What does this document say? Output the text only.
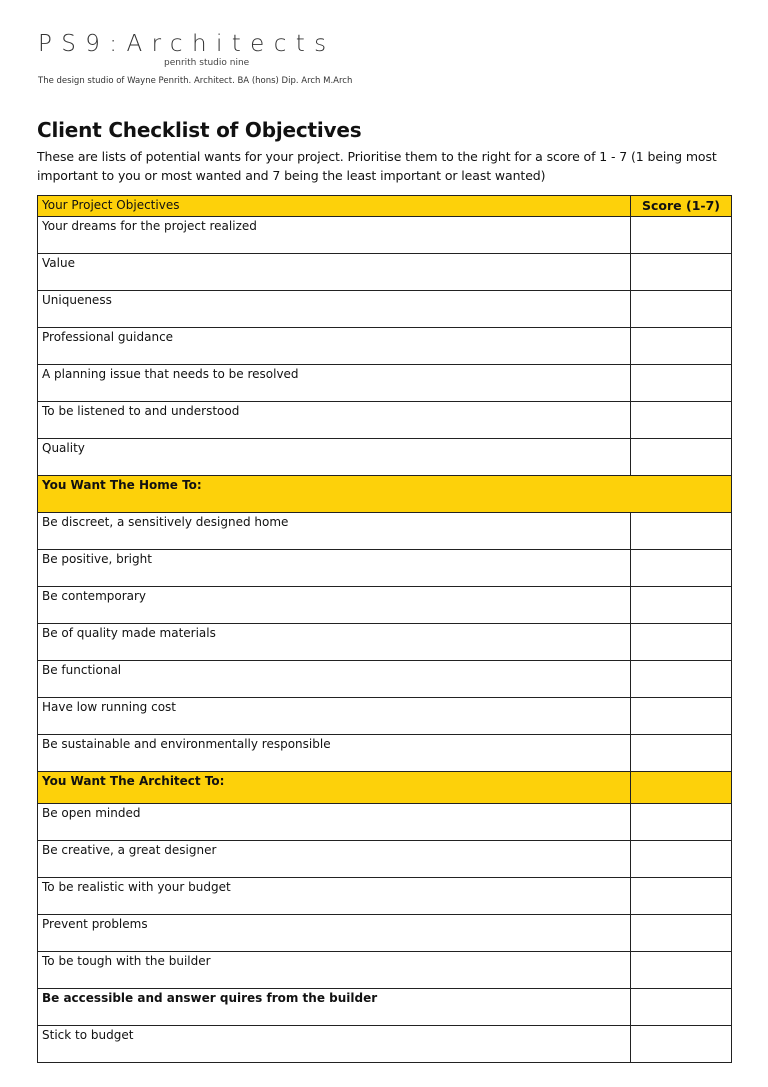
PS9:Architects
penrith studio nine
The design studio of Wayne Penrith. Architect. BA (hons) Dip. Arch M.Arch
Client Checklist of Objectives
These are lists of potential wants for your project. Prioritise them to the right for a score of 1 - 7 (1 being most important to you or most wanted and 7 being the least important or least wanted)
Your Project Objectives	Score (1-7)
Your dreams for the project realized	
Value	
Uniqueness	
Professional guidance	
A planning issue that needs to be resolved	
To be listened to and understood	
Quality	
You Want The Home To:	
Be discreet, a sensitively designed home	
Be positive, bright	
Be contemporary	
Be of quality made materials	
Be functional	
Have low running cost	
Be sustainable and environmentally responsible	
You Want The Architect To:	
Be open minded	
Be creative, a great designer	
To be realistic with your budget	
Prevent problems	
To be tough with the builder	
Be accessible and answer quires from the builder	
Stick to budget	
